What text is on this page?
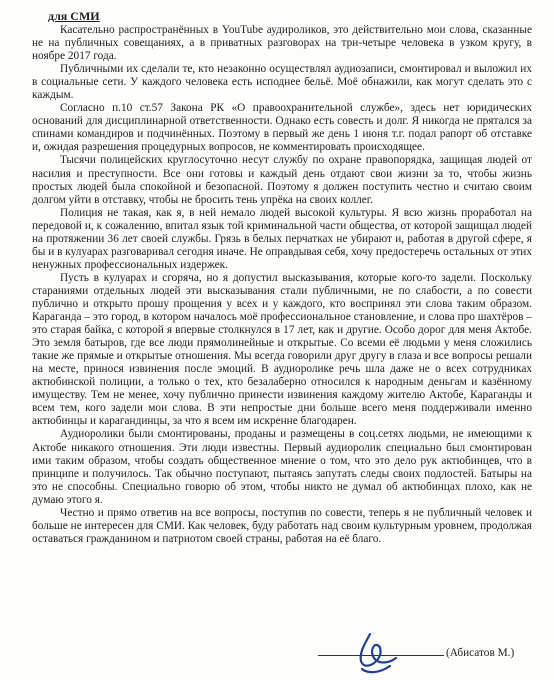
для СМИ

Касательно распространённых в YouTube аудироликов, это действительно мои слова, сказанные не на публичных совещаниях, а в приватных разговорах на три-четыре человека в узком кругу, в ноябре 2017 года.

Публичными их сделали те, кто незаконно осуществлял аудиозаписи, смонтировал и выложил их в социальные сети. У каждого человека есть исподнее бельё. Моё обнажили, как могут сделать это с каждым.

Согласно п.10 ст.57 Закона РК «О правоохранительной службе», здесь нет юридических оснований для дисциплинарной ответственности. Однако есть совесть и долг. Я никогда не прятался за спинами командиров и подчинённых. Поэтому в первый же день 1 июня т.г. подал рапорт об отставке и, ожидая разрешения процедурных вопросов, не комментировать происходящее.

Тысячи полицейских круглосуточно несут службу по охране правопорядка, защищая людей от насилия и преступности. Все они готовы и каждый день отдают свои жизни за то, чтобы жизнь простых людей была спокойной и безопасной. Поэтому я должен поступить честно и считаю своим долгом уйти в отставку, чтобы не бросить тень упрёка на своих коллег.

Полиция не такая, как я, в ней немало людей высокой культуры. Я всю жизнь проработал на передовой и, к сожалению, впитал язык той криминальной части общества, от которой защищал людей на протяжении 36 лет своей службы. Грязь в белых перчатках не убирают и, работая в другой сфере, я бы и в кулуарах разговаривал сегодня иначе. Не оправдывая себя, хочу предостеречь остальных от этих ненужных профессиональных издержек.

Пусть в кулуарах и сгоряча, но я допустил высказывания, которые кого-то задели. Поскольку стараниями отдельных людей эти высказывания стали публичными, не по слабости, а по совести публично и открыто прошу прощения у всех и у каждого, кто воспринял эти слова таким образом. Караганда – это город, в котором началось моё профессиональное становление, и слова про шахтёров – это старая байка, с которой я впервые столкнулся в 17 лет, как и другие. Особо дорог для меня Актобе. Это земля батыров, где все люди прямолинейные и открытые. Со всеми её людьми у меня сложились такие же прямые и открытые отношения. Мы всегда говорили друг другу в глаза и все вопросы решали на месте, принося извинения после эмоций. В аудиоролике речь шла даже не о всех сотрудниках актюбинской полиции, а только о тех, кто безалаберно относился к народным деньгам и казённому имуществу. Тем не менее, хочу публично принести извинения каждому жителю Актобе, Караганды и всем тем, кого задели мои слова. В эти непростые дни больше всего меня поддерживали именно актюбинцы и карагандинцы, за что я всем им искренне благодарен.

Аудиоролики были смонтированы, проданы и размещены в соц.сетях людьми, не имеющими к Актобе никакого отношения. Эти люди известны. Первый аудиоролик специально был смонтирован ими таким образом, чтобы создать общественное мнение о том, что это дело рук актюбинцев, что в принципе и получилось. Так обычно поступают, пытаясь запутать следы своих подлостей. Батыры на это не способны. Специально говорю об этом, чтобы никто не думал об актюбинцах плохо, как не думаю этого я.

Честно и прямо ответив на все вопросы, поступив по совести, теперь я не публичный человек и больше не интересен для СМИ. Как человек, буду работать над своим культурным уровнем, продолжая оставаться гражданином и патриотом своей страны, работая на её благо.

(Абисатов М.)
